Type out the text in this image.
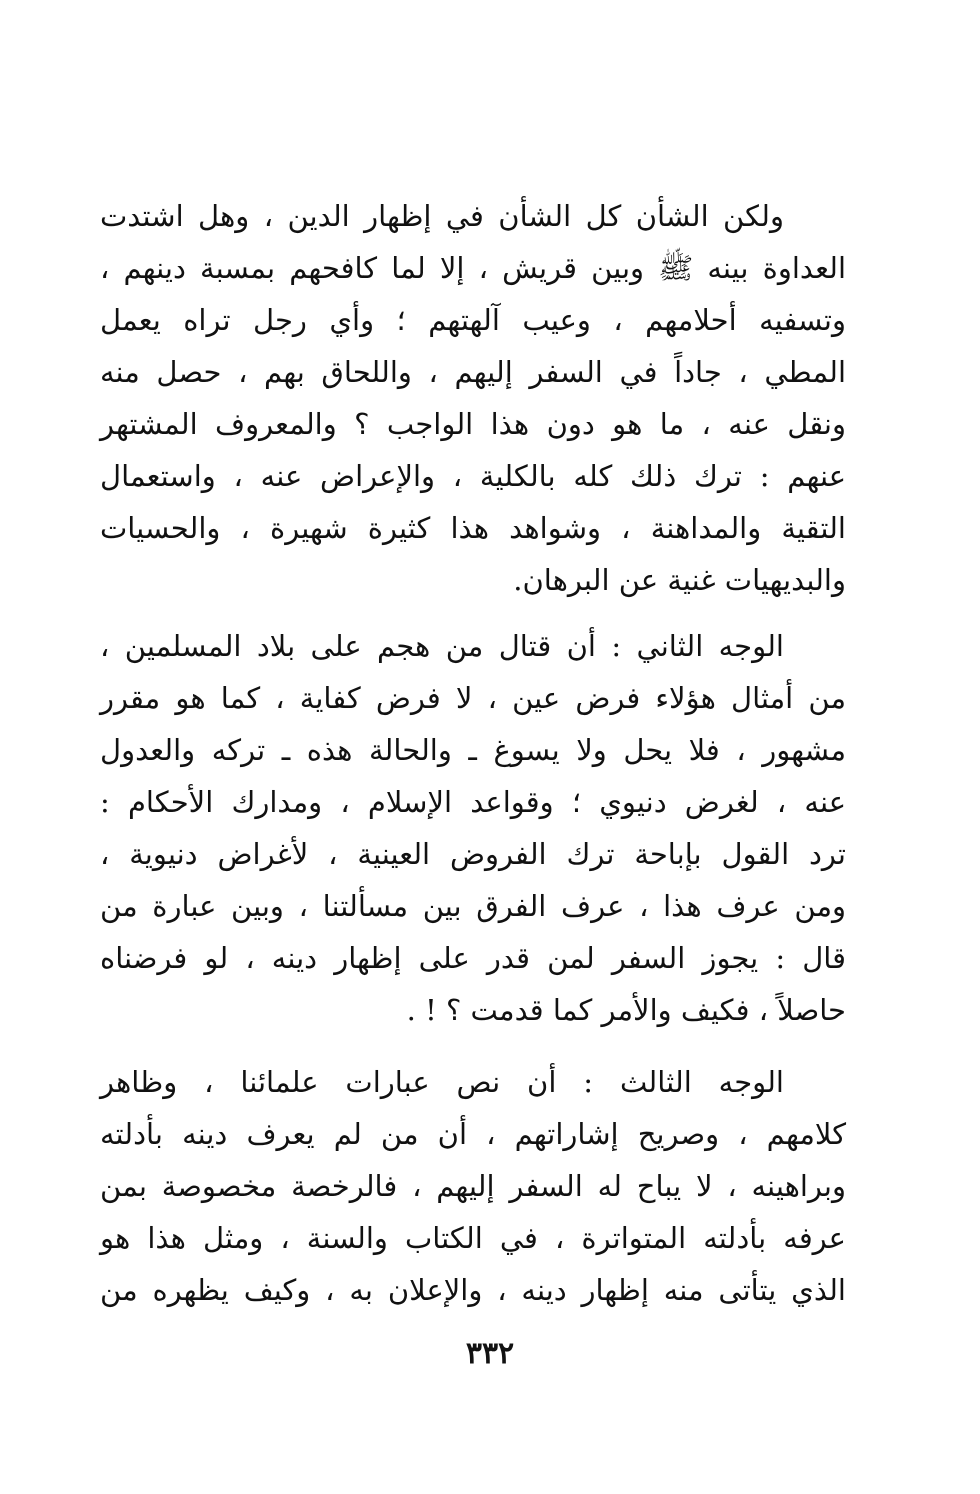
ولكن الشأن كل الشأن في إظهار الدين ، وهل اشتدت
العداوة بينه ﷺ وبين قريش ، إلا لما كافحهم بمسبة دينهم ،
وتسفيه أحلامهم ، وعيب آلهتهم ؛ وأي رجل تراه يعمل
المطي ، جاداً في السفر إليهم ، واللحاق بهم ، حصل منه
ونقل عنه ، ما هو دون هذا الواجب ؟ والمعروف المشتهر
عنهم : ترك ذلك كله بالكلية ، والإعراض عنه ، واستعمال
التقية والمداهنة ، وشواهد هذا كثيرة شهيرة ، والحسيات
والبديهيات غنية عن البرهان.
الوجه الثاني : أن قتال من هجم على بلاد المسلمين ،
من أمثال هؤلاء فرض عين ، لا فرض كفاية ، كما هو مقرر
مشهور ، فلا يحل ولا يسوغ ـ والحالة هذه ـ تركه والعدول
عنه ، لغرض دنيوي ؛ وقواعد الإسلام ، ومدارك الأحكام :
ترد القول بإباحة ترك الفروض العينية ، لأغراض دنيوية ،
ومن عرف هذا ، عرف الفرق بين مسألتنا ، وبين عبارة من
قال : يجوز السفر لمن قدر على إظهار دينه ، لو فرضناه
حاصلاً ، فكيف والأمر كما قدمت ؟ ! .
الوجه الثالث : أن نص عبارات علمائنا ، وظاهر
كلامهم ، وصريح إشاراتهم ، أن من لم يعرف دينه بأدلته
وبراهينه ، لا يباح له السفر إليهم ، فالرخصة مخصوصة بمن
عرفه بأدلته المتواترة ، في الكتاب والسنة ، ومثل هذا هو
الذي يتأتى منه إظهار دينه ، والإعلان به ، وكيف يظهره من
٣٣٢
